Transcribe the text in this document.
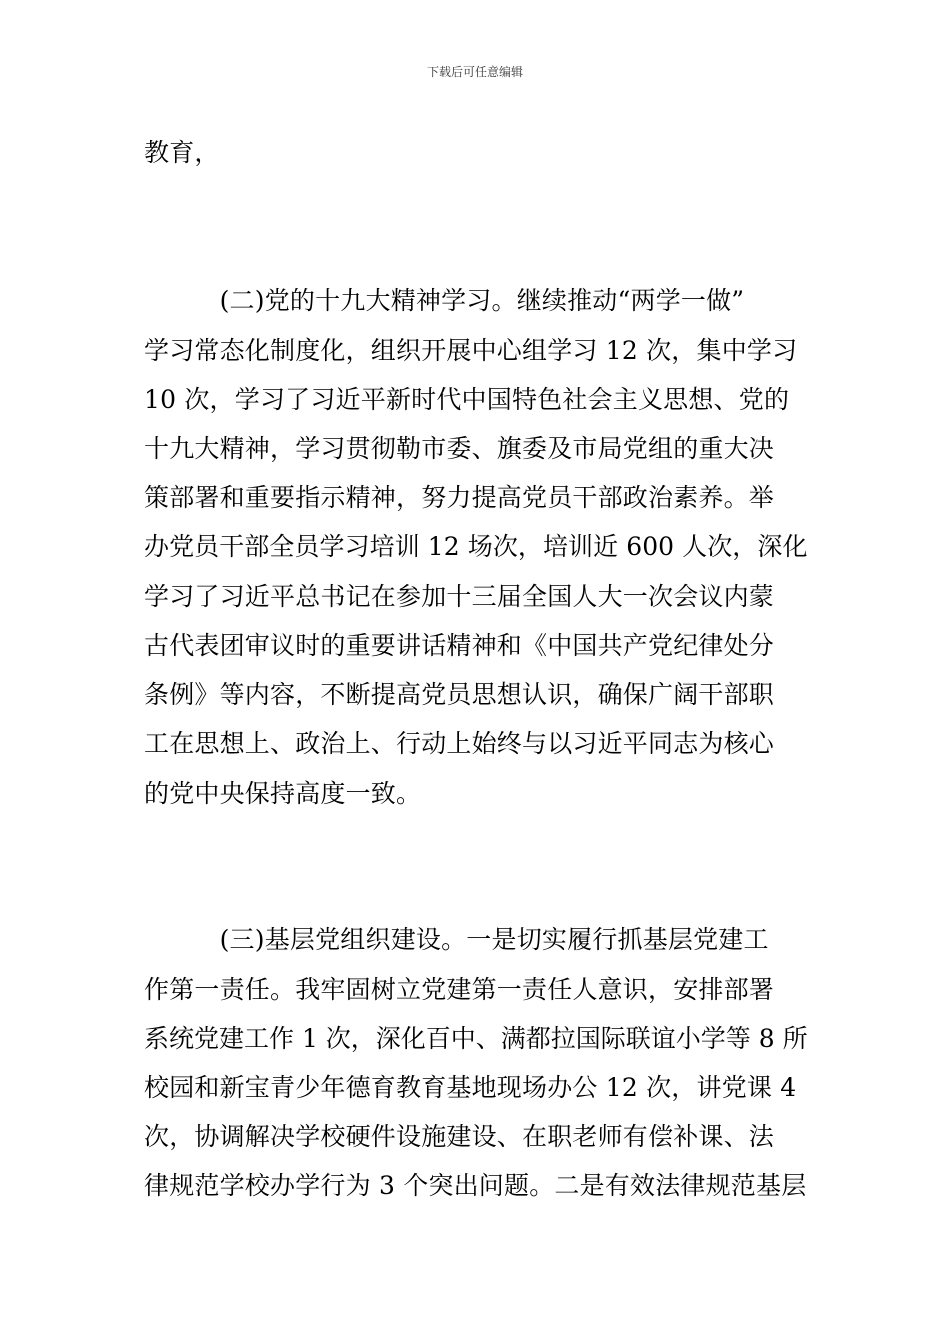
下载后可任意编辑
教育，
　　　(二)党的十九大精神学习。继续推动“两学一做”
学习常态化制度化，组织开展中心组学习 12 次，集中学习
10 次，学习了习近平新时代中国特色社会主义思想、党的
十九大精神，学习贯彻勒市委、旗委及市局党组的重大决
策部署和重要指示精神，努力提高党员干部政治素养。举
办党员干部全员学习培训 12 场次，培训近 600 人次，深化
学习了习近平总书记在参加十三届全国人大一次会议内蒙
古代表团审议时的重要讲话精神和《中国共产党纪律处分
条例》等内容，不断提高党员思想认识，确保广阔干部职
工在思想上、政治上、行动上始终与以习近平同志为核心
的党中央保持高度一致。
　　　(三)基层党组织建设。一是切实履行抓基层党建工
作第一责任。我牢固树立党建第一责任人意识，安排部署
系统党建工作 1 次，深化百中、满都拉国际联谊小学等 8 所
校园和新宝青少年德育教育基地现场办公 12 次，讲党课 4
次，协调解决学校硬件设施建设、在职老师有偿补课、法
律规范学校办学行为 3 个突出问题。二是有效法律规范基层
